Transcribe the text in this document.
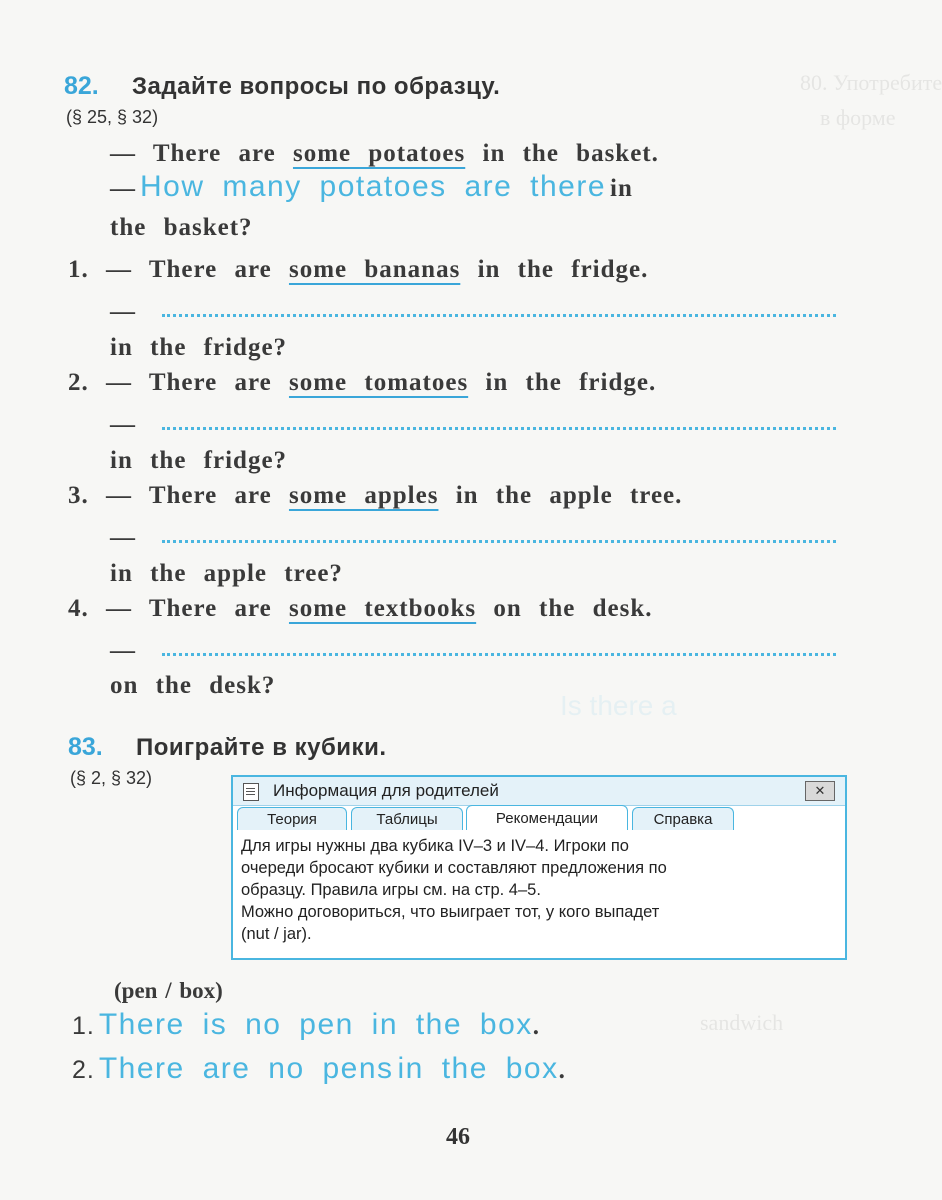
80. Употребите
в форме
Is there a
sandwich
82. Задайте вопросы по образцу.
(§ 25, § 32)
— There are some potatoes in the basket.
— How many potatoes are there in
the basket?
1. — There are some bananas in the fridge.
—
in the fridge?
2. — There are some tomatoes in the fridge.
—
in the fridge?
3. — There are some apples in the apple tree.
—
in the apple tree?
4. — There are some textbooks on the desk.
—
on the desk?
83. Поиграйте в кубики.
(§ 2, § 32)
Информация для родителей	✕
Теория	Таблицы	Рекомендации	Справка
Для игры нужны два кубика IV–3 и IV–4. Игроки по
очереди бросают кубики и составляют предложения по
образцу. Правила игры см. на стр. 4–5.
Можно договориться, что выиграет тот, у кого выпадет
(nut / jar).
(pen / box)
1. There is no pen in the box.
2. There are no pens in the box.
46
